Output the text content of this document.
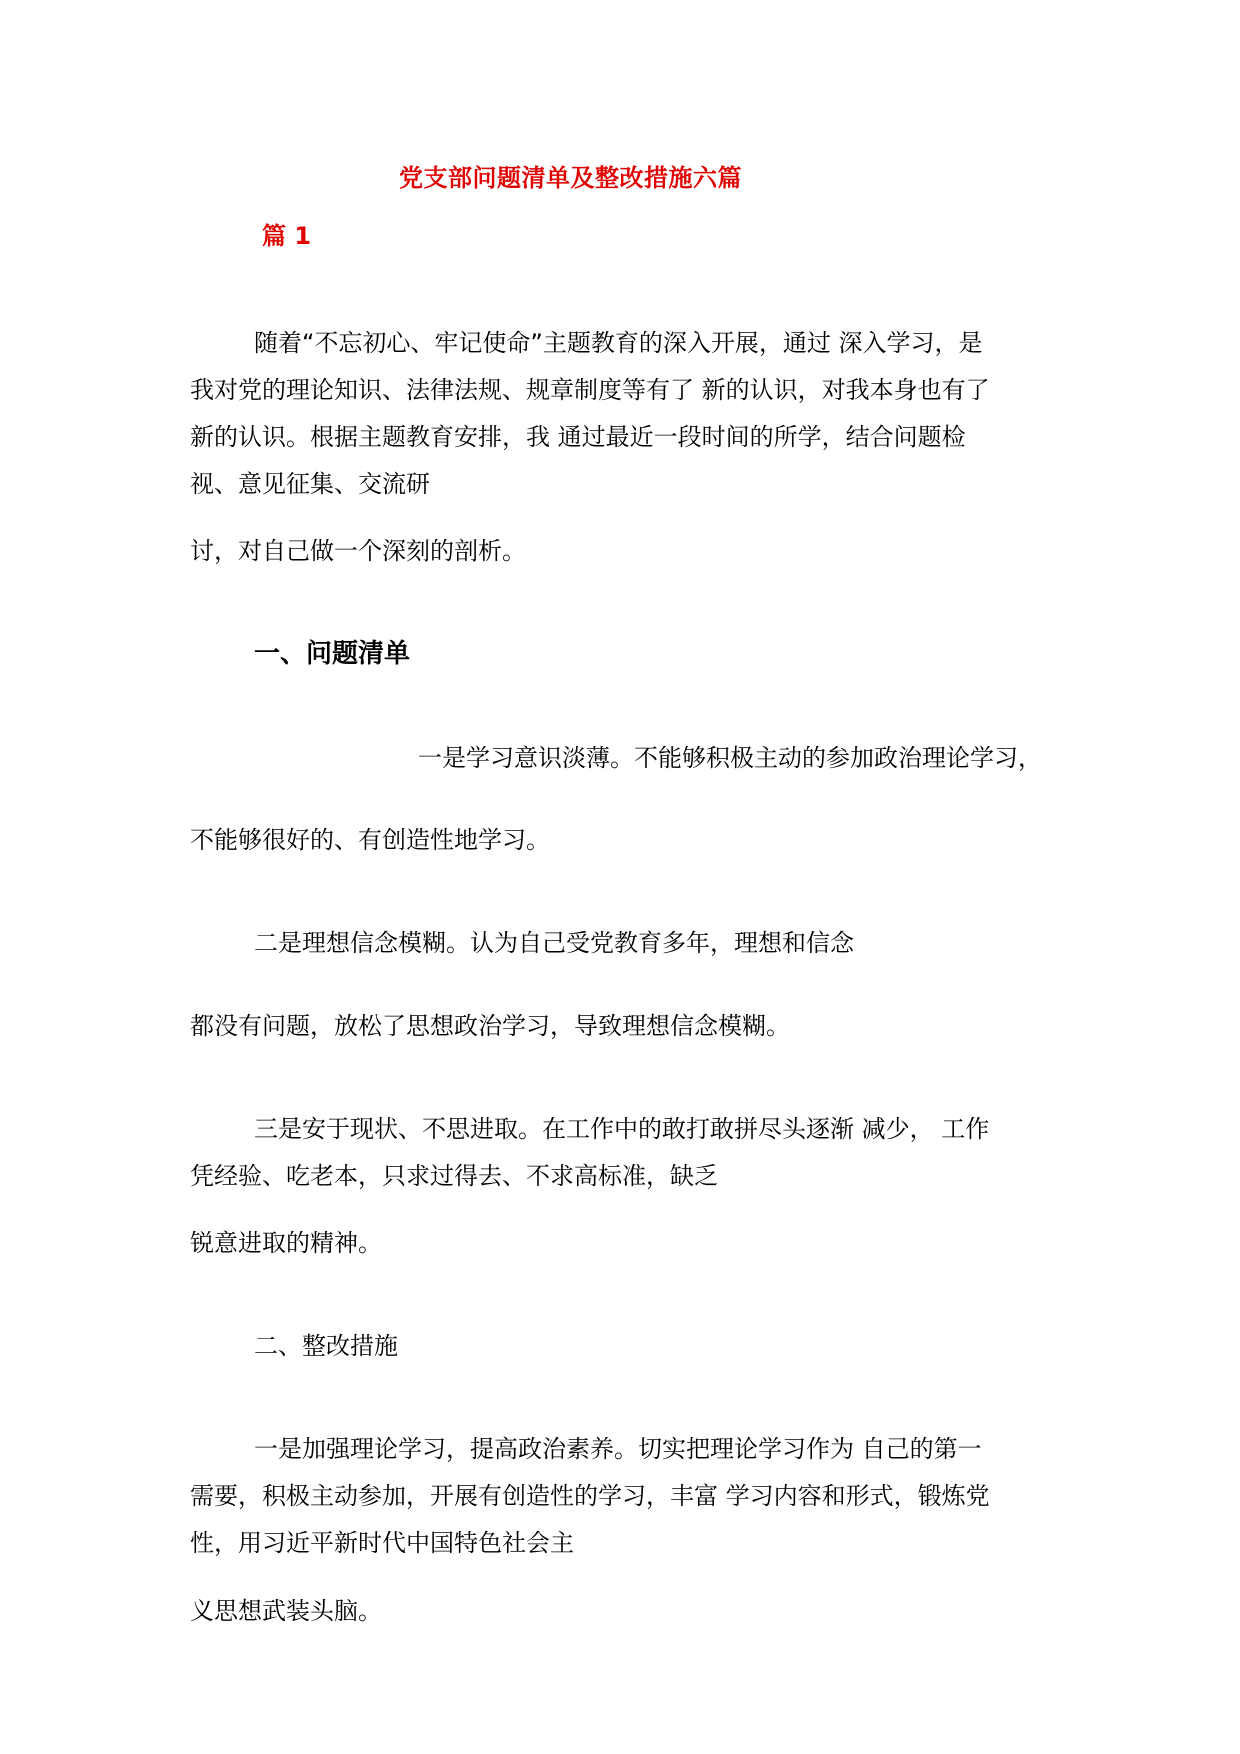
党支部问题清单及整改措施六篇
篇 1

随着“不忘初心、牢记使命”主题教育的深入开展，通过 深入学习，是

我对党的理论知识、法律法规、规章制度等有了 新的认识，对我本身也有了

新的认识。根据主题教育安排，我 通过最近一段时间的所学，结合问题检

视、意见征集、交流研

讨，对自己做一个深刻的剖析。

一、问题清单

一是学习意识淡薄。不能够积极主动的参加政治理论学习，

不能够很好的、有创造性地学习。

二是理想信念模糊。认为自己受党教育多年，理想和信念

都没有问题，放松了思想政治学习，导致理想信念模糊。

三是安于现状、不思进取。在工作中的敢打敢拼尽头逐渐 减少， 工作

凭经验、吃老本，只求过得去、不求高标准，缺乏

锐意进取的精神。

二、整改措施

一是加强理论学习，提高政治素养。切实把理论学习作为 自己的第一

需要，积极主动参加，开展有创造性的学习，丰富 学习内容和形式，锻炼党

性，用习近平新时代中国特色社会主

义思想武装头脑。
